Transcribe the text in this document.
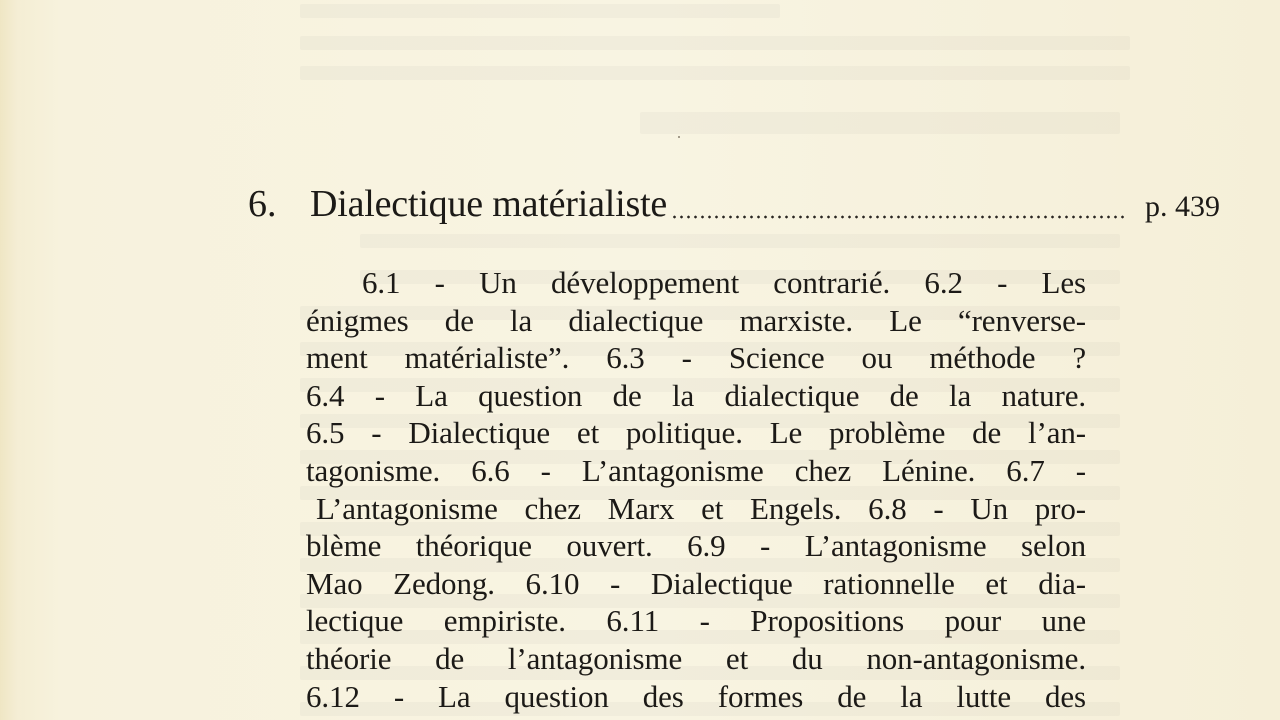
6. Dialectique matérialiste	p. 439
6.1 - Un développement contrarié. 6.2 - Les
énigmes de la dialectique marxiste. Le “renverse-
ment matérialiste”. 6.3 - Science ou méthode ?
6.4 - La question de la dialectique de la nature.
6.5 - Dialectique et politique. Le problème de l’an-
tagonisme. 6.6 - L’antagonisme chez Lénine. 6.7 -
L’antagonisme chez Marx et Engels. 6.8 - Un pro-
blème théorique ouvert. 6.9 - L’antagonisme selon
Mao Zedong. 6.10 - Dialectique rationnelle et dia-
lectique empiriste. 6.11 - Propositions pour une
théorie de l’antagonisme et du non-antagonisme.
6.12 - La question des formes de la lutte des
